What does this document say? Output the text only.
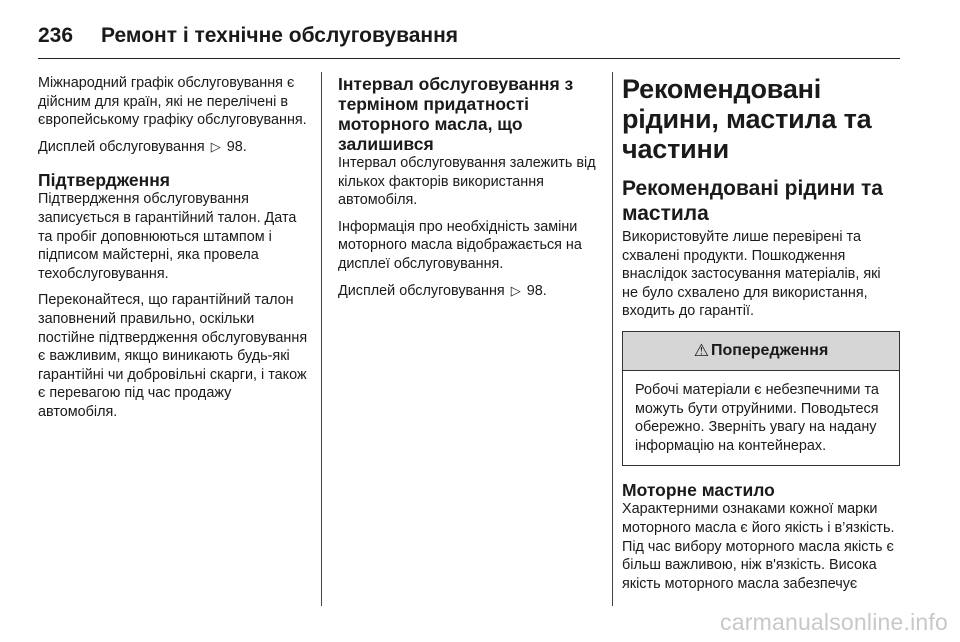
236 Ремонт і технічне обслуговування

Міжнародний графік обслуговування є дійсним для країн, які не перелічені в європейському графіку обслуговування.

Дисплей обслуговування ▷ 98.

Підтвердження

Підтвердження обслуговування записується в гарантійний талон. Дата та пробіг доповнюються штампом і підписом майстерні, яка провела техобслуговування.

Переконайтеся, що гарантійний талон заповнений правильно, оскільки постійне підтвердження обслуговування є важливим, якщо виникають будь-які гарантійні чи добровільні скарги, і також є перевагою під час продажу автомобіля.

Інтервал обслуговування з терміном придатності моторного масла, що залишився

Інтервал обслуговування залежить від кількох факторів використання автомобіля.

Інформація про необхідність заміни моторного масла відображається на дисплеї обслуговування.

Дисплей обслуговування ▷ 98.

Рекомендовані рідини, мастила та частини
Рекомендовані рідини та мастила

Використовуйте лише перевірені та схвалені продукти. Пошкодження внаслідок застосування матеріалів, які не було схвалено для використання, входить до гарантії.

⚠ Попередження

Робочі матеріали є небезпечними та можуть бути отруйними. Поводьтеся обережно. Зверніть увагу на надану інформацію на контейнерах.

Моторне мастило

Характерними ознаками кожної марки моторного масла є його якість і в’язкість. Під час вибору моторного масла якість є більш важливою, ніж в'язкість. Висока якість моторного масла забезпечує

carmanualsonline.info
